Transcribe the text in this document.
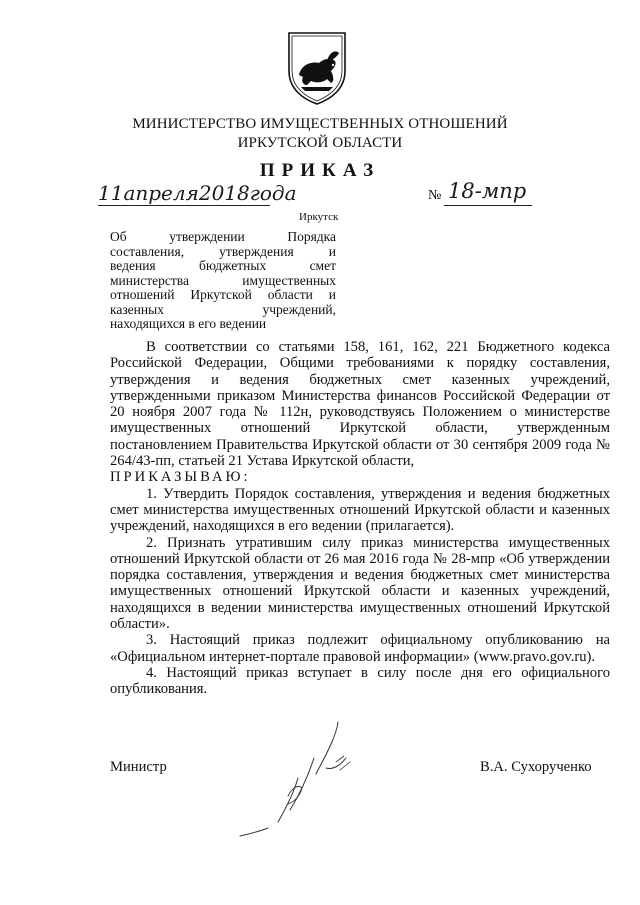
МИНИСТЕРСТВО ИМУЩЕСТВЕННЫХ ОТНОШЕНИЙ
ИРКУТСКОЙ ОБЛАСТИ
ПРИКАЗ
11апреля2018года	№ 18-мпр
Иркутск
Об утверждении Порядка
составления, утверждения и
ведения бюджетных смет
министерства имущественных
отношений Иркутской области и
казенных учреждений,
находящихся в его ведении

В соответствии со статьями 158, 161, 162, 221 Бюджетного кодекса Российской Федерации, Общими требованиями к порядку составления, утверждения и ведения бюджетных смет казенных учреждений, утвержденными приказом Министерства финансов Российской Федерации от 20 ноября 2007 года № 112н, руководствуясь Положением о министерстве имущественных отношений Иркутской области, утвержденным постановлением Правительства Иркутской области от 30 сентября 2009 года № 264/43-пп, статьей 21 Устава Иркутской области,

ПРИКАЗЫВАЮ:

1. Утвердить Порядок составления, утверждения и ведения бюджетных смет министерства имущественных отношений Иркутской области и казенных учреждений, находящихся в его ведении (прилагается).

2. Признать утратившим силу приказ министерства имущественных отношений Иркутской области от 26 мая 2016 года № 28-мпр «Об утверждении порядка составления, утверждения и ведения бюджетных смет министерства имущественных отношений Иркутской области и казенных учреждений, находящихся в ведении министерства имущественных отношений Иркутской области».

3. Настоящий приказ подлежит официальному опубликованию на «Официальном интернет-портале правовой информации» (www.pravo.gov.ru).

4. Настоящий приказ вступает в силу после дня его официального опубликования.

Министр	В.А. Сухорученко
